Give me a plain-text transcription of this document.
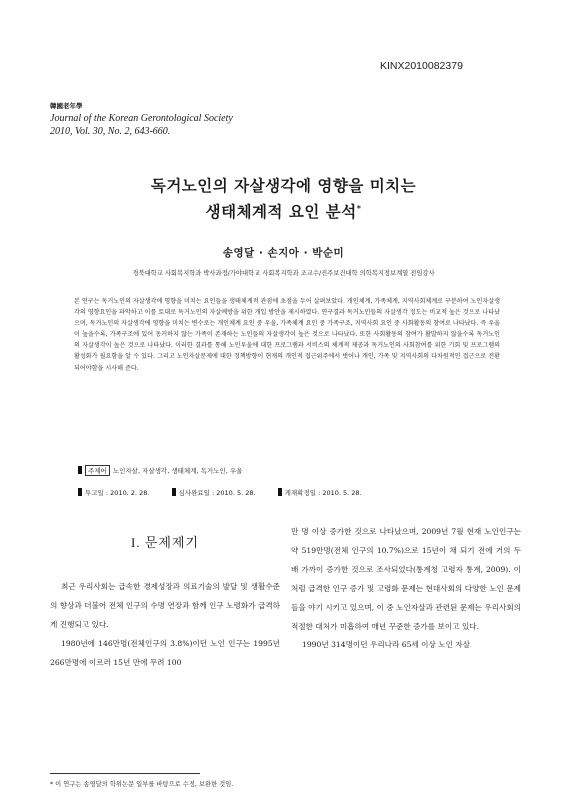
KINX2010082379
韓國老年學
Journal of the Korean Gerontological Society
2010, Vol. 30, No. 2, 643-660.
독거노인의 자살생각에 영향을 미치는
생태체계적 요인 분석*
송영달 · 손지아 · 박순미
경북대학교 사회복지학과 박사과정/가야대학교 사회복지학과 조교수/진주보건대학 의학복지정보계열 전임강사
본 연구는 독거노인의 자살생각에 영향을 미치는 요인들을 생태체계적 관점에 초점을 두어 살펴보았다. 개인체계, 가족체계, 지역사회체계로 구분하여 노인자살생각의 영향요인을 파악하고 이를 토대로 독거노인의 자살예방을 위한 개입 방안을 제시하였다. 연구결과 독거노인들의 자살생각 정도는 비교적 높은 것으로 나타났으며, 독거노인의 자살생각에 영향을 미치는 변수로는 개인체계 요인 중 우울, 가족체계 요인 중 가족구조, 지역사회 요인 중 사회활동의 참여로 나타났다. 즉 우울이 높을수록, 가족구조에 있어 동거하지 않는 가족이 존재하는 노인들의 자살생각이 높은 것으로 나타났다. 또한 사회활동의 참여가 활발하지 않을수록 독거노인의 자살생각이 높은 것으로 나타났다. 이러한 결과를 통해 노인우울에 대한 프로그램과 서비스의 체계적 제공과 독거노인의 사회참여를 위한 기회 및 프로그램의 활성화가 필요함을 알 수 있다. 그리고 노인자살문제에 대한 정책방향이 현재의 개인적 접근위주에서 벗어나 개인, 가족 및 지역사회의 다차원적인 접근으로 전환되어야함을 시사해 준다.
주제어 노인자살, 자살생각, 생태체계, 독거노인, 우울
투고일 : 2010. 2. 28.	심사완료일 : 2010. 5. 28.	게재확정일 : 2010. 5. 28.
I. 문제제기

최근 우리사회는 급속한 경제성장과 의료기술의 발달 및 생활수준의 향상과 더불어 전체 인구의 수명 연장과 함께 인구 노령화가 급격하게 진행되고 있다.

1980년에 146만명(전체인구의 3.8%)이던 노인 인구는 1995년 266만명에 이르러 15년 만에 무려 100

만 명 이상 증가한 것으로 나타났으며, 2009년 7월 현재 노인인구는 약 519만명(전체 인구의 10.7%)으로 15년이 채 되기 전에 거의 두 배 가까이 증가한 것으로 조사되었다(통계청 고령자 통계, 2009). 이처럼 급격한 인구 증가 및 고령화 문제는 현대사회의 다양한 노인 문제들을 야기 시키고 있으며, 이 중 노인자살과 관련된 문제는 우리사회의 적절한 대처가 미흡하여 매년 꾸준한 증가를 보이고 있다.

1990년 314명이던 우리나라 65세 이상 노인 자살

* 이 연구는 송영달의 학위논문 일부를 바탕으로 수정, 보완한 것임.
